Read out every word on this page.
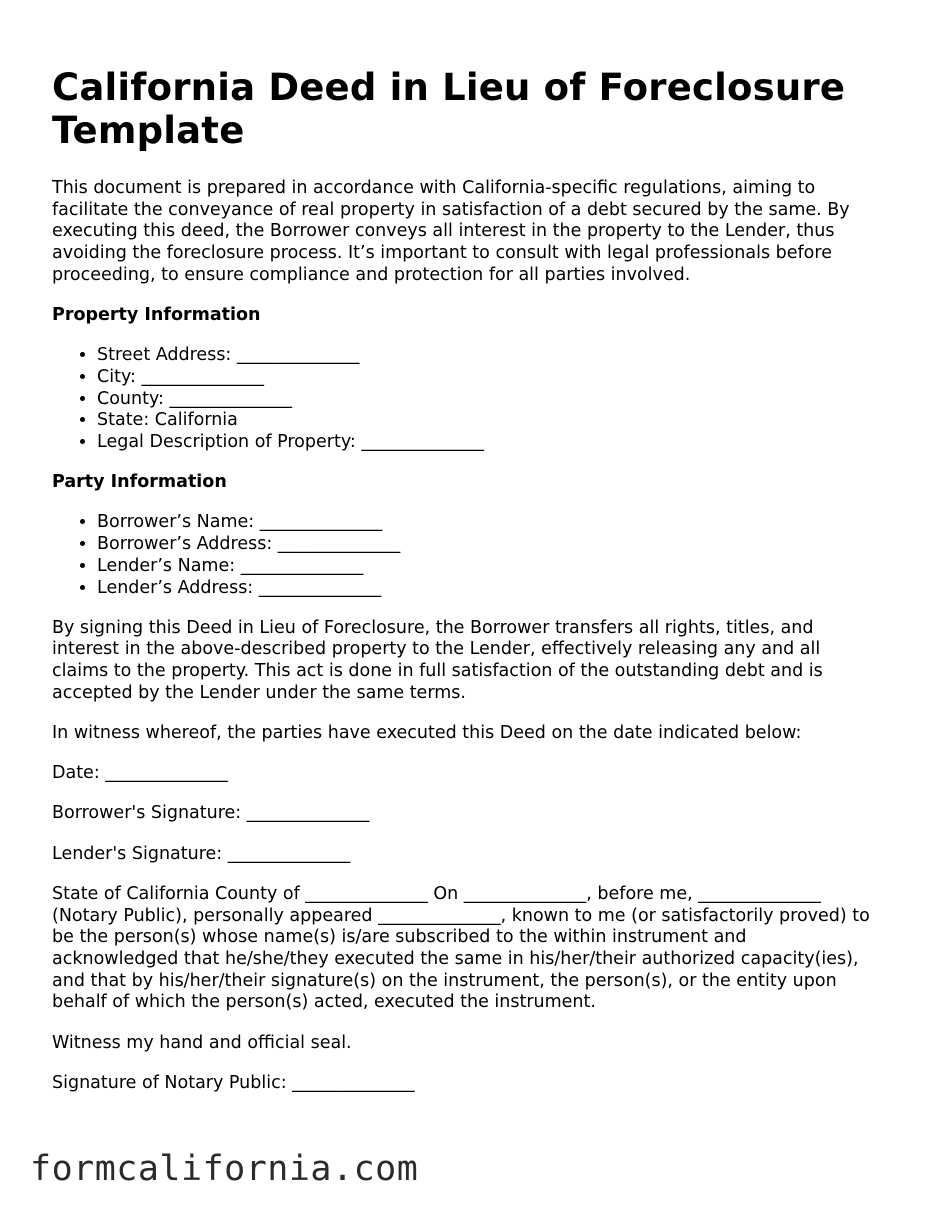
California Deed in Lieu of Foreclosure Template

This document is prepared in accordance with California-specific regulations, aiming to facilitate the conveyance of real property in satisfaction of a debt secured by the same. By executing this deed, the Borrower conveys all interest in the property to the Lender, thus avoiding the foreclosure process. It’s important to consult with legal professionals before proceeding, to ensure compliance and protection for all parties involved.

Property Information
• Street Address: ______________
• City: ______________
• County: ______________
• State: California
• Legal Description of Property: ______________
Party Information
• Borrower’s Name: ______________
• Borrower’s Address: ______________
• Lender’s Name: ______________
• Lender’s Address: ______________

By signing this Deed in Lieu of Foreclosure, the Borrower transfers all rights, titles, and interest in the above-described property to the Lender, effectively releasing any and all claims to the property. This act is done in full satisfaction of the outstanding debt and is accepted by the Lender under the same terms.

In witness whereof, the parties have executed this Deed on the date indicated below:

Date: ______________

Borrower's Signature: ______________

Lender's Signature: ______________

State of California County of ______________ On ______________, before me, ______________ (Notary Public), personally appeared ______________, known to me (or satisfactorily proved) to be the person(s) whose name(s) is/are subscribed to the within instrument and acknowledged that he/she/they executed the same in his/her/their authorized capacity(ies), and that by his/her/their signature(s) on the instrument, the person(s), or the entity upon behalf of which the person(s) acted, executed the instrument.

Witness my hand and official seal.

Signature of Notary Public: ______________

formcalifornia.com
